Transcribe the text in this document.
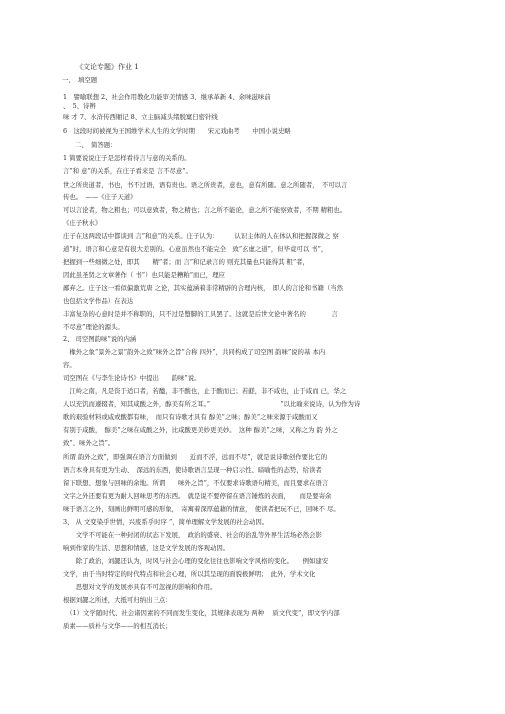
《文论专题》作业 1

一、　填空题

1　譬喻联想 2、社会作用教化功能审美情感 3、继承革新 4、余味滋味前

、　5、诗辨

味 才 7、水浒传西厢记 8、立主脑减头绪脱窠臼密针线

6　这段时间被视为王国维学术人生的文学时期　　宋元戏曲考　　中国小说史略

二、　简答题：

1 简要说说庄子是怎样看待言与意的关系的。

言”和 意”的关系，在庄子看来是 言不尽意”。

世之所贵道者，书也，书不过语，语有贵也。语之所贵者，意也，意有所随。意之所随者，　不可以言

传也。　——《庄子天道》

可以言论者，物之粗也；可以意致者，物之精也；言之所不能论，意之所不能察致者，不期 精粗也。

《庄子秋水》

庄子在这两段话中都谈到 言”和意”的关系。庄子认为：　　　认识主体的人在体认和把握深微之 察

道”时，语言和心意是有很大差别的。心意虽然也不能完全　致”玄虚之道”，但毕竟可以 书”，

把握到一些细微之处，即其　　精”者；而 言”和记录言的 则充其量也只能得其 粗”者，

因此虽圣贤之文章著作（ 书”）也只能是糟粕”而已，理应

鄙弃之。庄子这一看似偏激荒唐 之论，其实蕴涵着非常精辟的合理内核，　即人的言论和书籍（当然

也包括文学作品）在表达

丰富复杂的心意时是并不称职的，只不过是蹩脚的工具罢了。这就是后世文论中著名的　　　　言

不尽意”理论的源头。

2、 司空图韵味”说的内涵

　橡外之象”景外之景”韵外之致”味外之旨”合称 四外”，共同构成了司空图 韵味”说的基 本内

容。

司空图在《与李生论诗书》中提出　　韵味”说。

　江岭之南，凡是资于适口者，若醯，非不酸也，止于酸而已；若鹾，非不咸也，止于咸而 已，华之

人以充饥而遽辍者，知其咸酸之外，醇美有所乏耳。”　　　　　　　　　　　”以比喻来说诗，认为作为诗

歌的艰验材料或咸或酸都有味，　而只有诗歌才具有 醇美”之味；醇美”之味来源于咸酸而又

有别于咸酸，　醇美”之味在咸酸之外，比咸酸更美妙更美妙。　这种 醇美”之味，又称之为 韵 外之

致”、味外之旨”。

所谓 韵外之致”，即强调在语言方面做到　　近而不浮，远而不尽”，就是说诗歌创作要比它的

语言本身具有更为生动、　深远的东西，使诗歌语言呈现一种启示性、暗喻性的态势，给读者

留下联想、想象与回味的余地。所谓　　味外之旨”，不仅要求诗歌语句精美，而且要求在语言

文字之外还要有更为耐人回味思考的东西。　就是说不要停留在语言锤炼的表面，　　而是要寄余

味于语言之外，刻画出鲜明可感的形象，　寄寓着深厚蕴藉的情意，　使读者把玩不已，回味不 尽。

3、 从 文变染乎世情，兴废系乎时序 ”，简单理解文学发展的社会动因。

　　文学不可能在一种封闭的状态下发展，　政治的盛衰、社会的治乱等外界生活场必然会影

响到作家的生活、思想和情感，这是文学发展的客观动因。

　　除了政治，刘勰还认为，时风与社会心理的变化往往也影响文学风格的变化。　　例如建安

文学，由于当时特定的时代特点和社会心理，所以其呈现的面貌极鲜明；　此外，学术文化

　　思想对文学的发展亦具有不可忽视的影响和作用。

根据刘勰之所述，大抵可归纳出三点：

　（1）文学随时代、社会诸因素的不同而发生变化，其规律表现为 两种　 质文代变”，即文学内部

质素——质朴与文华——的相互消长；
